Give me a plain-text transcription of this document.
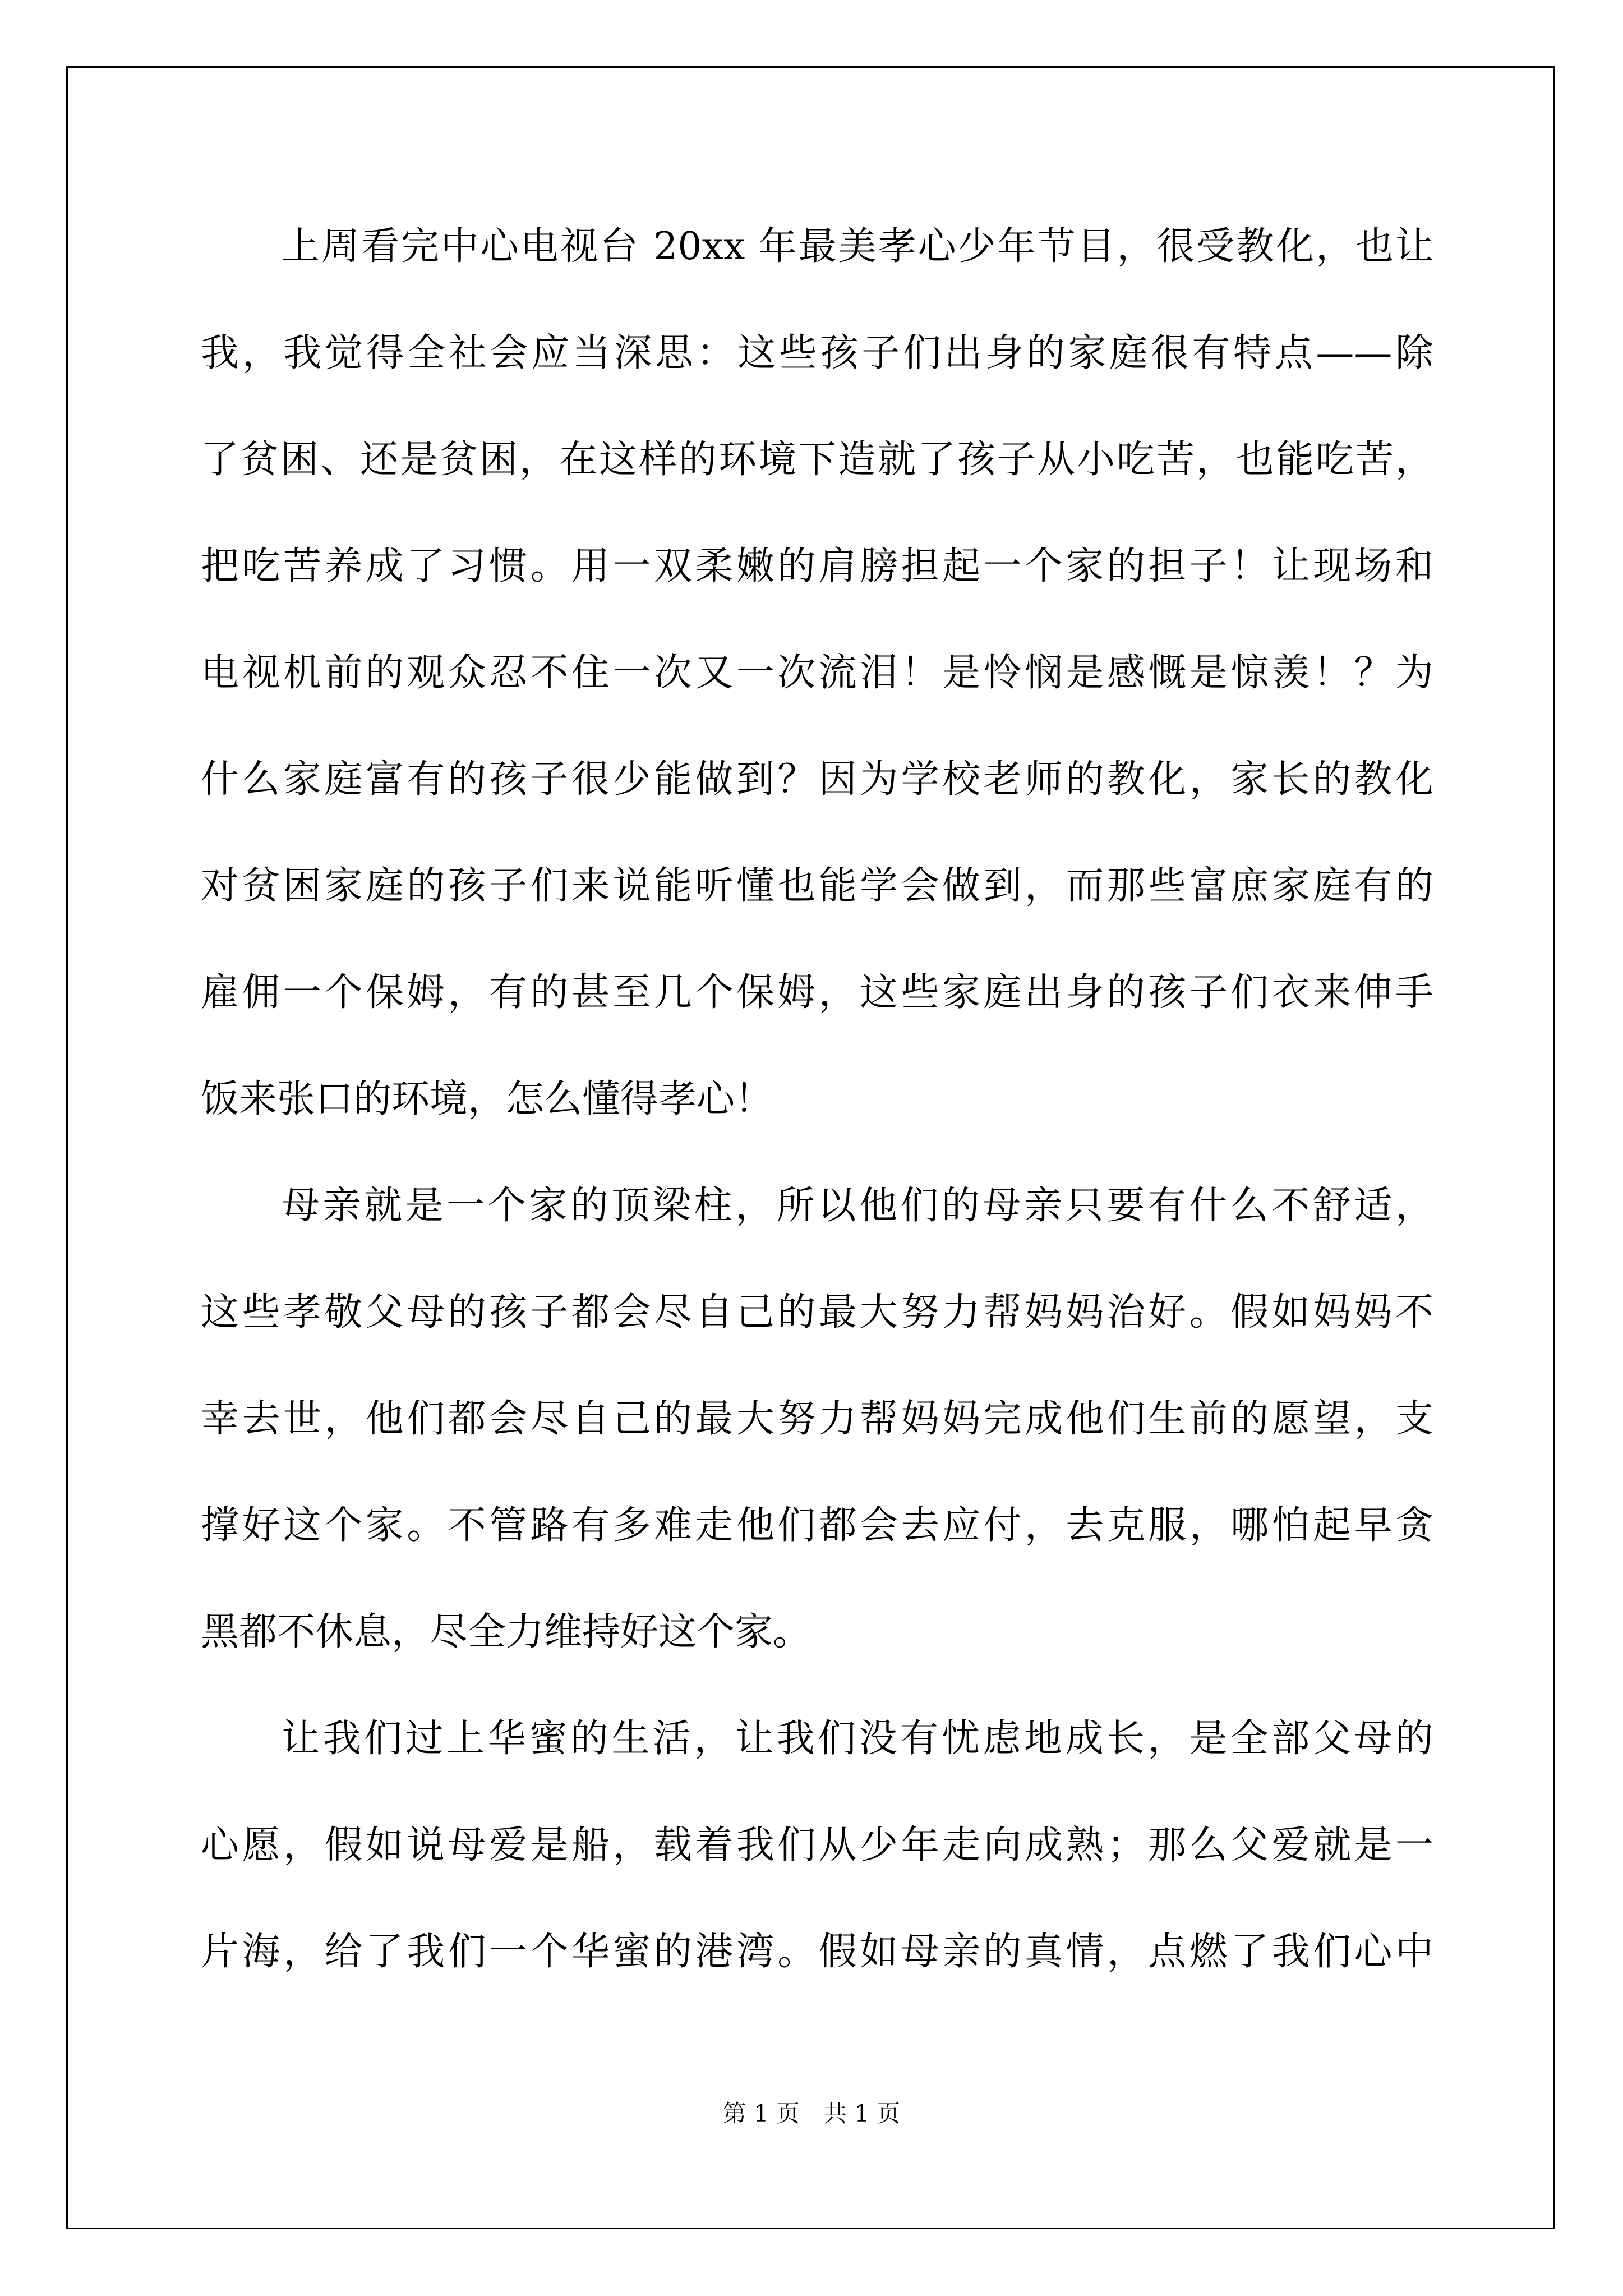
上周看完中心电视台 20xx 年最美孝心少年节目，很受教化，也让
我，我觉得全社会应当深思：这些孩子们出身的家庭很有特点——除
了贫困、还是贫困，在这样的环境下造就了孩子从小吃苦，也能吃苦，
把吃苦养成了习惯。用一双柔嫩的肩膀担起一个家的担子！让现场和
电视机前的观众忍不住一次又一次流泪！是怜悯是感慨是惊羡！？为
什么家庭富有的孩子很少能做到？因为学校老师的教化，家长的教化
对贫困家庭的孩子们来说能听懂也能学会做到，而那些富庶家庭有的
雇佣一个保姆，有的甚至几个保姆，这些家庭出身的孩子们衣来伸手
饭来张口的环境，怎么懂得孝心！
母亲就是一个家的顶梁柱，所以他们的母亲只要有什么不舒适，
这些孝敬父母的孩子都会尽自己的最大努力帮妈妈治好。假如妈妈不
幸去世，他们都会尽自己的最大努力帮妈妈完成他们生前的愿望，支
撑好这个家。不管路有多难走他们都会去应付，去克服，哪怕起早贪
黑都不休息，尽全力维持好这个家。
让我们过上华蜜的生活，让我们没有忧虑地成长，是全部父母的
心愿，假如说母爱是船，载着我们从少年走向成熟；那么父爱就是一
片海，给了我们一个华蜜的港湾。假如母亲的真情，点燃了我们心中
第 1 页　共 1 页
